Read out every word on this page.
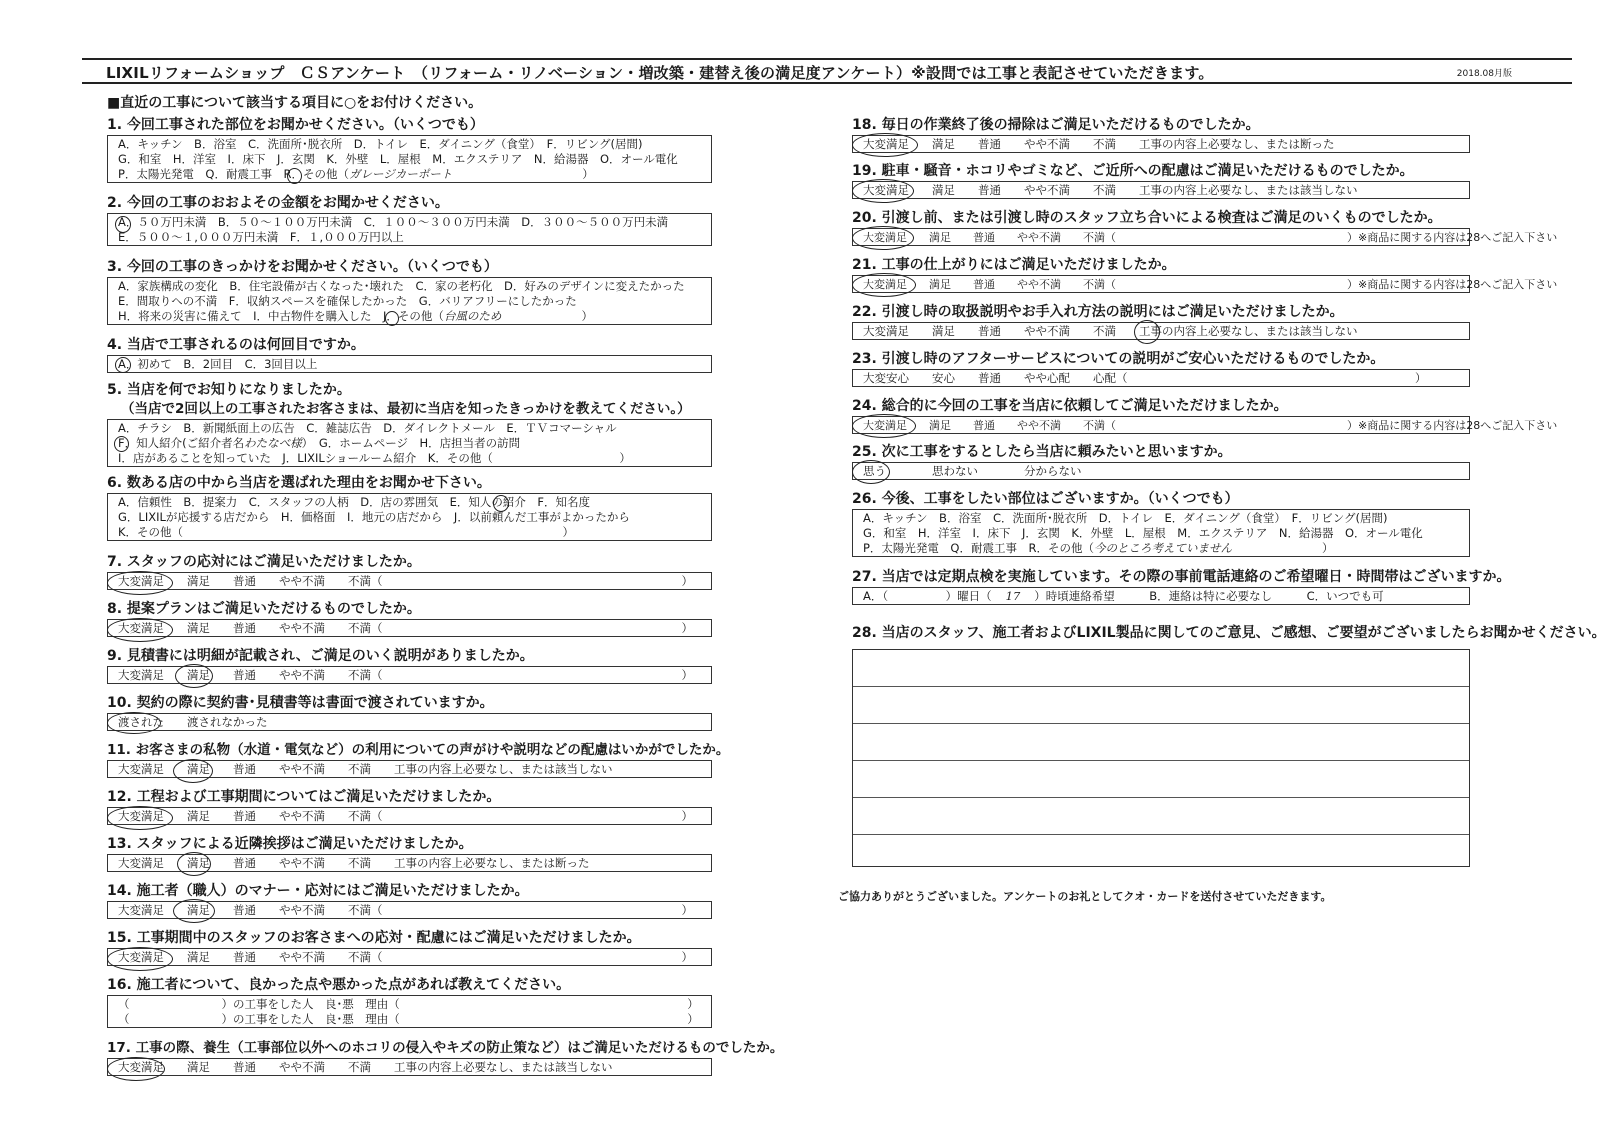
LIXILリフォームショップ　ＣＳアンケート　（リフォーム・リノベーション・増改築・建替え後の満足度アンケート）※設問では工事と表記させていただきます。	2018.08月版
■直近の工事について該当する項目に○をお付けください。
1. 今回工事された部位をお聞かせください。（いくつでも）
A．キッチン　B．浴室　C．洗面所･脱衣所　D．トイレ　E．ダイニング（食堂）　F．リビング(居間)
G．和室　H．洋室　I．床下　J．玄関　K．外壁　L．屋根　M．エクステリア　N．給湯器　O．オール電化
P．太陽光発電　Q．耐震工事　R．その他（ガレージカーポート	）
2. 今回の工事のおおよその金額をお聞かせください。
A．５０万円未満　B．５０～１００万円未満　C．１００～３００万円未満　D．３００～５００万円未満
E．５００～１,０００万円未満　F．１,０００万円以上
3. 今回の工事のきっかけをお聞かせください。（いくつでも）
A．家族構成の変化　B．住宅設備が古くなった･壊れた　C．家の老朽化　D．好みのデザインに変えたかった
E．間取りへの不満　F．収納スペースを確保したかった　G．バリアフリーにしたかった
H．将来の災害に備えて　I．中古物件を購入した　J．その他（台風のため	）
4. 当店で工事されるのは何回目ですか。
A．初めて　B．2回目　C．3回目以上
5. 当店を何でお知りになりましたか。
（当店で2回以上の工事されたお客さまは、最初に当店を知ったきっかけを教えてください。）
A．チラシ　B．新聞紙面上の広告　C．雑誌広告　D．ダイレクトメール　E．ＴＶコマーシャル
F．知人紹介(ご紹介者名わたなべ様）　G．ホームページ　H．店担当者の訪問
I．店があることを知っていた　J．LIXILショールーム紹介　K．その他（　　　　　　　　　　　）
6. 数ある店の中から当店を選ばれた理由をお聞かせ下さい。
A．信頼性　B．提案力　C．スタッフの人柄　D．店の雰囲気　E．知人の紹介　F．知名度
G．LIXILが応援する店だから　H．価格面　I．地元の店だから　J．以前頼んだ工事がよかったから
K．その他（　　　　　　　　　　　　　　　　　　　　　　　　　　　　　　　　　）
7. スタッフの応対にはご満足いただけましたか。
大変満足　　満足　　普通　　やや不満　　不満（　　　　　　　　　　　　　　　　　　　　　　　　　　）
8. 提案プランはご満足いただけるものでしたか。
大変満足　　満足　　普通　　やや不満　　不満（　　　　　　　　　　　　　　　　　　　　　　　　　　）
9. 見積書には明細が記載され、ご満足のいく説明がありましたか。
大変満足　　満足　　普通　　やや不満　　不満（　　　　　　　　　　　　　　　　　　　　　　　　　　）
10. 契約の際に契約書･見積書等は書面で渡されていますか。
渡された　　渡されなかった
11. お客さまの私物（水道・電気など）の利用についての声がけや説明などの配慮はいかがでしたか。
大変満足　　満足　　普通　　やや不満　　不満　　工事の内容上必要なし、または該当しない
12. 工程および工事期間についてはご満足いただけましたか。
大変満足　　満足　　普通　　やや不満　　不満（　　　　　　　　　　　　　　　　　　　　　　　　　　）
13. スタッフによる近隣挨拶はご満足いただけましたか。
大変満足　　満足　　普通　　やや不満　　不満　　工事の内容上必要なし、または断った
14. 施工者（職人）のマナー・応対にはご満足いただけましたか。
大変満足　　満足　　普通　　やや不満　　不満（　　　　　　　　　　　　　　　　　　　　　　　　　　）
15. 工事期間中のスタッフのお客さまへの応対・配慮にはご満足いただけましたか。
大変満足　　満足　　普通　　やや不満　　不満（　　　　　　　　　　　　　　　　　　　　　　　　　　）
16. 施工者について、良かった点や悪かった点があれば教えてください。
（　　　　　　　　）の工事をした人　良･悪　理由（　　　　　　　　　　　　　　　　　　　　　　　　　）
（　　　　　　　　）の工事をした人　良･悪　理由（　　　　　　　　　　　　　　　　　　　　　　　　　）
17. 工事の際、養生（工事部位以外へのホコリの侵入やキズの防止策など）はご満足いただけるものでしたか。
大変満足　　満足　　普通　　やや不満　　不満　　工事の内容上必要なし、または該当しない
18. 毎日の作業終了後の掃除はご満足いただけるものでしたか。
大変満足　　満足　　普通　　やや不満　　不満　　工事の内容上必要なし、または断った
19. 駐車・騒音・ホコリやゴミなど、ご近所への配慮はご満足いただけるものでしたか。
大変満足　　満足　　普通　　やや不満　　不満　　工事の内容上必要なし、または該当しない
20. 引渡し前、または引渡し時のスタッフ立ち合いによる検査はご満足のいくものでしたか。
大変満足　　満足　　普通　　やや不満　　不満（　　　　　　　　　　　　　　　　　　　　　）※商品に関する内容は28へご記入下さい
21. 工事の仕上がりにはご満足いただけましたか。
大変満足　　満足　　普通　　やや不満　　不満（　　　　　　　　　　　　　　　　　　　　　）※商品に関する内容は28へご記入下さい
22. 引渡し時の取扱説明やお手入れ方法の説明にはご満足いただけましたか。
大変満足　　満足　　普通　　やや不満　　不満　　工事の内容上必要なし、または該当しない
23. 引渡し時のアフターサービスについての説明がご安心いただけるものでしたか。
大変安心　　安心　　普通　　やや心配　　心配（　　　　　　　　　　　　　　　　　　　　　　　　　）
24. 総合的に今回の工事を当店に依頼してご満足いただけましたか。
大変満足　　満足　　普通　　やや不満　　不満（　　　　　　　　　　　　　　　　　　　　　）※商品に関する内容は28へご記入下さい
25. 次に工事をするとしたら当店に頼みたいと思いますか。
思う　　　　思わない　　　　分からない
26. 今後、工事をしたい部位はございますか。（いくつでも）
A．キッチン　B．浴室　C．洗面所･脱衣所　D．トイレ　E．ダイニング（食堂）　F．リビング(居間)
G．和室　H．洋室　I．床下　J．玄関　K．外壁　L．屋根　M．エクステリア　N．給湯器　O．オール電化
P．太陽光発電　Q．耐震工事　R．その他（今のところ考えていません	）
27. 当店では定期点検を実施しています。その際の事前電話連絡のご希望曜日・時間帯はございますか。
A．（　　　　　）曜日（ 17 ）時頃連絡希望　　　B．連絡は特に必要なし　　　C．いつでも可
28. 当店のスタッフ、施工者およびLIXIL製品に関してのご意見、ご感想、ご要望がございましたらお聞かせください。
ご協力ありがとうございました。アンケートのお礼としてクオ・カードを送付させていただきます。
